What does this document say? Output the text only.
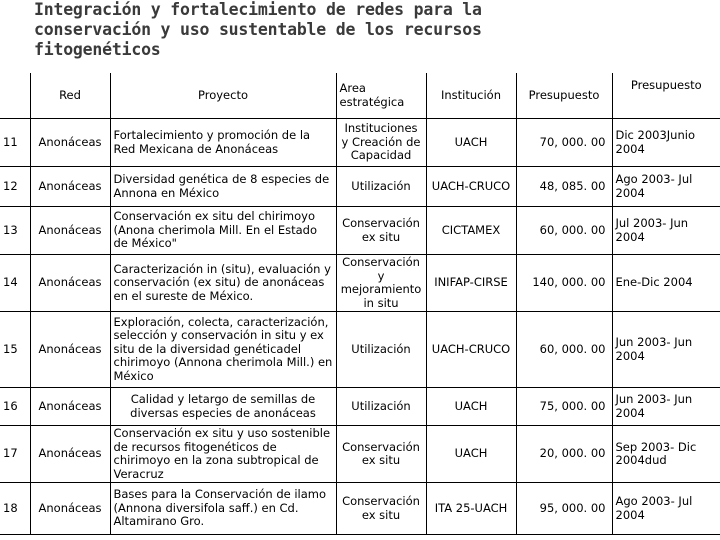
Integración y fortalecimiento de redes para la
conservación y uso sustentable de los recursos
fitogenéticos
	Red	Proyecto	Area estratégica	Institución	Presupuesto	Presupuesto
11	Anonáceas	Fortalecimiento y promoción de la Red Mexicana de Anonáceas	Instituciones y Creación de Capacidad	UACH	70, 000. 00	Dic 2003Junio 2004
12	Anonáceas	Diversidad genética de 8 especies de Annona en México	Utilización	UACH-CRUCO	48, 085. 00	Ago 2003- Jul 2004
13	Anonáceas	Conservación ex situ del chirimoyo (Anona cherimola Mill. En el Estado de México"	Conservación ex situ	CICTAMEX	60, 000. 00	Jul 2003- Jun 2004
14	Anonáceas	Caracterización in (situ), evaluación y conservación (ex situ) de anonáceas en el sureste de México.	Conservación y mejoramiento in situ	INIFAP-CIRSE	140, 000. 00	Ene-Dic 2004
15	Anonáceas	Exploración, colecta, caracterización, selección y conservación in situ y ex situ de la diversidad genéticadel chirimoyo (Annona cherimola Mill.) en México	Utilización	UACH-CRUCO	60, 000. 00	Jun 2003- Jun 2004
16	Anonáceas	Calidad y letargo de semillas de diversas especies de anonáceas	Utilización	UACH	75, 000. 00	Jun 2003- Jun 2004
17	Anonáceas	Conservación ex situ y uso sostenible de recursos fitogenéticos de chirimoyo en la zona subtropical de Veracruz	Conservación ex situ	UACH	20, 000. 00	Sep 2003- Dic 2004dud
18	Anonáceas	Bases para la Conservación de ilamo (Annona diversifola saff.) en Cd. Altamirano Gro.	Conservación ex situ	ITA 25-UACH	95, 000. 00	Ago 2003- Jul 2004
